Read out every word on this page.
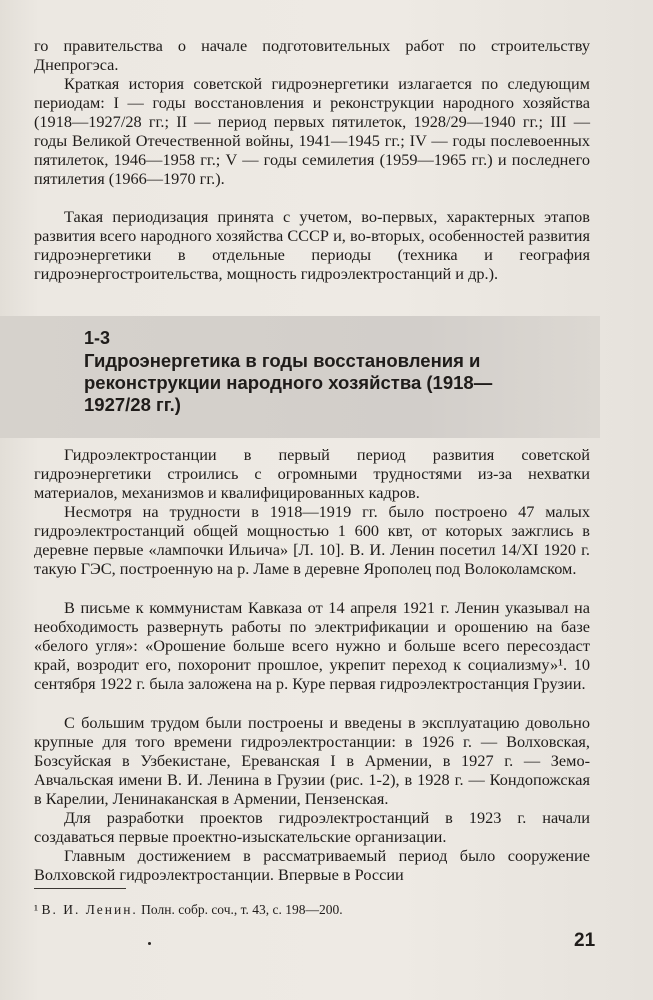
го правительства о начале подготовительных работ по строительству Днепрогэса.

Краткая история советской гидроэнергетики излагается по следующим периодам: I — годы восстановления и реконструкции народного хозяйства (1918—1927/28 гг.; II — период первых пятилеток, 1928/29—1940 гг.; III — годы Великой Отечественной войны, 1941—1945 гг.; IV — годы послевоенных пятилеток, 1946—1958 гг.; V — годы семилетия (1959—1965 гг.) и последнего пятилетия (1966—1970 гг.).

Такая периодизация принята с учетом, во-первых, характерных этапов развития всего народного хозяйства СССР и, во-вторых, особенностей развития гидроэнергетики в отдельные периоды (техника и география гидроэнергостроительства, мощность гидроэлектростанций и др.).

1-3

Гидроэнергетика в годы восстановления и реконструкции народного хозяйства (1918—1927/28 гг.)

Гидроэлектростанции в первый период развития советской гидроэнергетики строились с огромными трудностями из-за нехватки материалов, механизмов и квалифицированных кадров.

Несмотря на трудности в 1918—1919 гг. было построено 47 малых гидроэлектростанций общей мощностью 1 600 квт, от которых зажглись в деревне первые «лампочки Ильича» [Л. 10]. В. И. Ленин посетил 14/XI 1920 г. такую ГЭС, построенную на р. Ламе в деревне Ярополец под Волоколамском.

В письме к коммунистам Кавказа от 14 апреля 1921 г. Ленин указывал на необходимость развернуть работы по электрификации и орошению на базе «белого угля»: «Орошение больше всего нужно и больше всего пересоздаст край, возродит его, похоронит прошлое, укрепит переход к социализму»¹. 10 сентября 1922 г. была заложена на р. Куре первая гидроэлектростанция Грузии.

С большим трудом были построены и введены в эксплуатацию довольно крупные для того времени гидроэлектростанции: в 1926 г. — Волховская, Бозсуйская в Узбекистане, Ереванская I в Армении, в 1927 г. — Земо-Авчальская имени В. И. Ленина в Грузии (рис. 1-2), в 1928 г. — Кондопожская в Карелии, Ленинаканская в Армении, Пензенская.

Для разработки проектов гидроэлектростанций в 1923 г. начали создаваться первые проектно-изыскательские организации.

Главным достижением в рассматриваемый период было сооружение Волховской гидроэлектростанции. Впервые в России

¹ В. И. Ленин. Полн. собр. соч., т. 43, с. 198—200.

21
